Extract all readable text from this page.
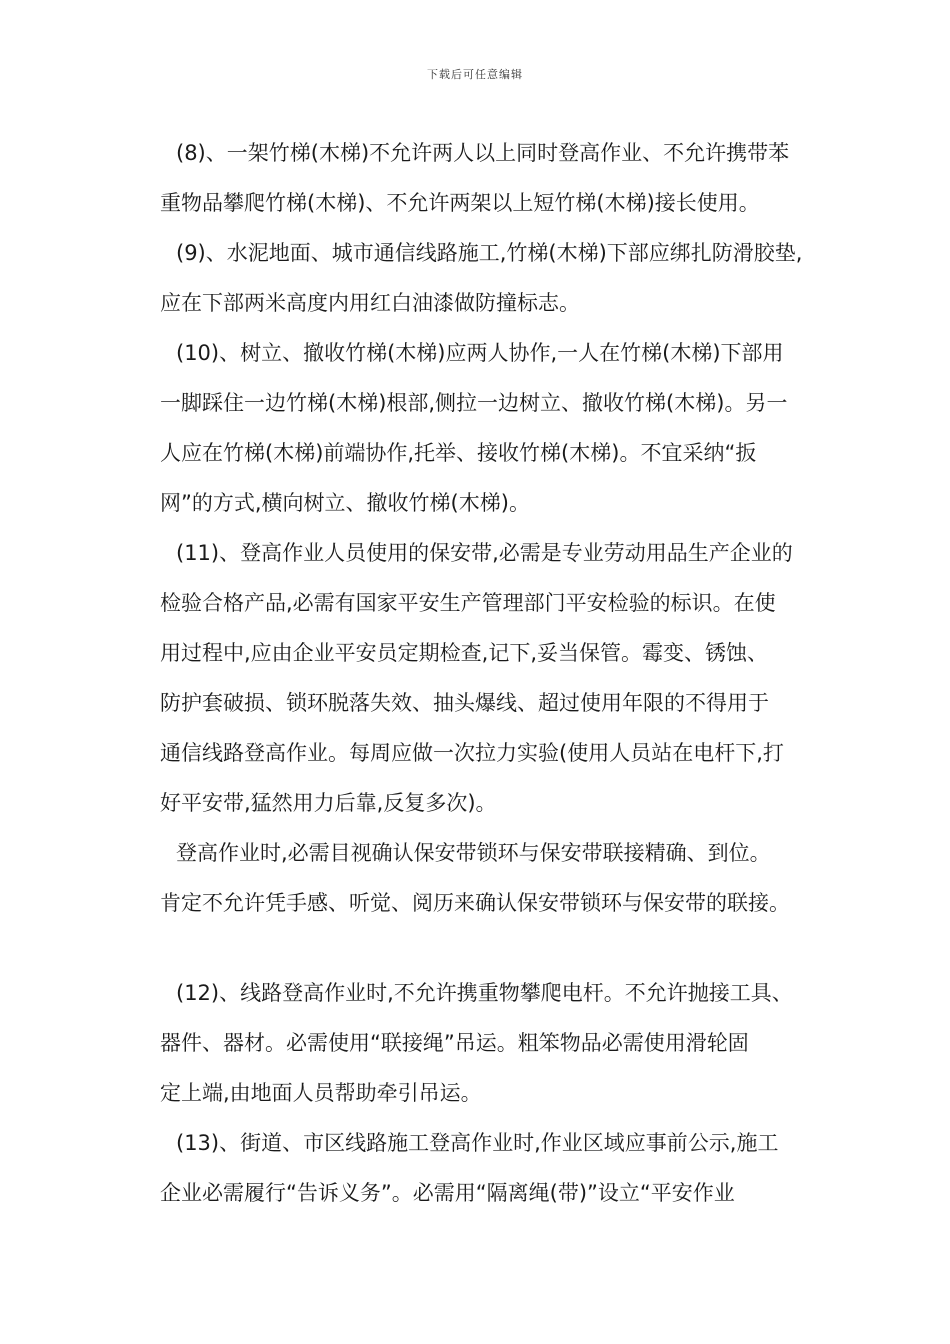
下载后可任意编辑
(8)、一架竹梯(木梯)不允许两人以上同时登高作业、不允许携带苯
重物品攀爬竹梯(木梯)、不允许两架以上短竹梯(木梯)接长使用。
(9)、水泥地面、城市通信线路施工,竹梯(木梯)下部应绑扎防滑胶垫,
应在下部两米高度内用红白油漆做防撞标志。
(10)、树立、撤收竹梯(木梯)应两人协作,一人在竹梯(木梯)下部用
一脚踩住一边竹梯(木梯)根部,侧拉一边树立、撤收竹梯(木梯)。另一
人应在竹梯(木梯)前端协作,托举、接收竹梯(木梯)。不宜采纳“扳
网”的方式,横向树立、撤收竹梯(木梯)。
(11)、登高作业人员使用的保安带,必需是专业劳动用品生产企业的
检验合格产品,必需有国家平安生产管理部门平安检验的标识。在使
用过程中,应由企业平安员定期检查,记下,妥当保管。霉变、锈蚀、
防护套破损、锁环脱落失效、抽头爆线、超过使用年限的不得用于
通信线路登高作业。每周应做一次拉力实验(使用人员站在电杆下,打
好平安带,猛然用力后靠,反复多次)。
登高作业时,必需目视确认保安带锁环与保安带联接精确、到位。
肯定不允许凭手感、听觉、阅历来确认保安带锁环与保安带的联接。
(12)、线路登高作业时,不允许携重物攀爬电杆。不允许抛接工具、
器件、器材。必需使用“联接绳”吊运。粗笨物品必需使用滑轮固
定上端,由地面人员帮助牵引吊运。
(13)、街道、市区线路施工登高作业时,作业区域应事前公示,施工
企业必需履行“告诉义务”。必需用“隔离绳(带)”设立“平安作业
